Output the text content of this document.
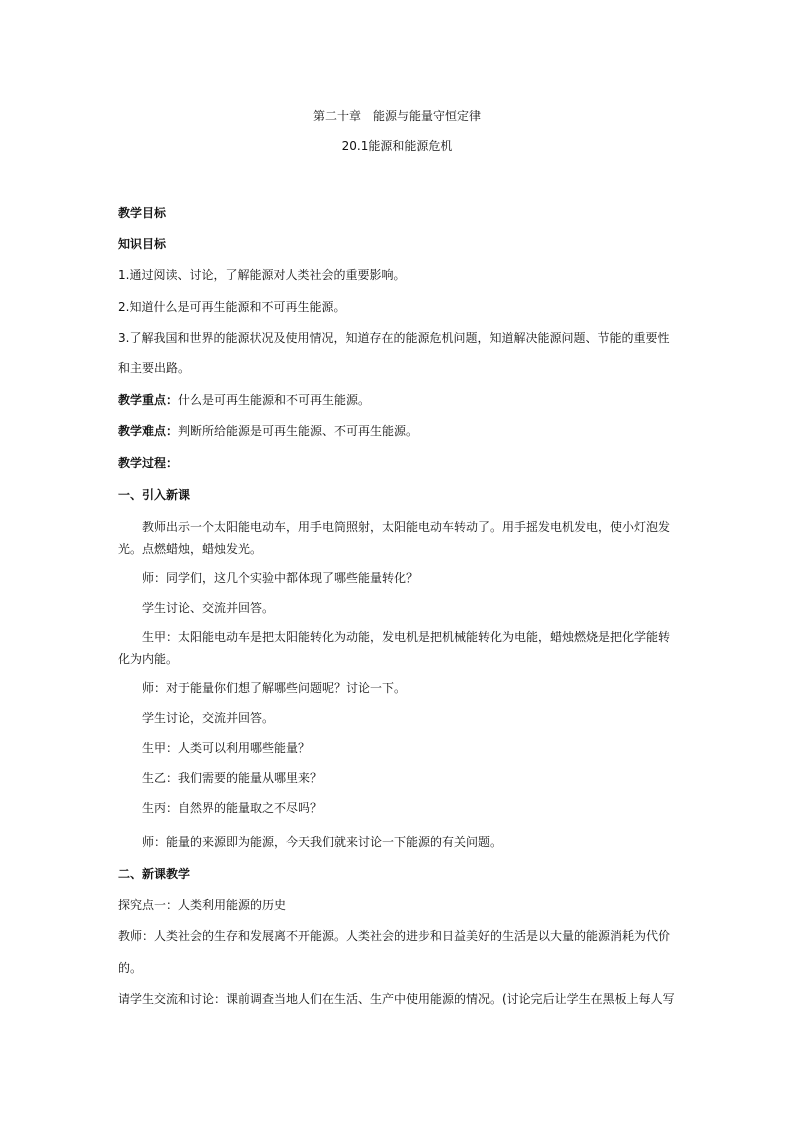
第二十章　能源与能量守恒定律
20.1能源和能源危机
教学目标
知识目标
1.通过阅读、讨论，了解能源对人类社会的重要影响。
2.知道什么是可再生能源和不可再生能源。
3.了解我国和世界的能源状况及使用情况，知道存在的能源危机问题，知道解决能源问题、节能的重要性
和主要出路。
教学重点：什么是可再生能源和不可再生能源。
教学难点：判断所给能源是可再生能源、不可再生能源。
教学过程：
一、引入新课
教师出示一个太阳能电动车，用手电筒照射，太阳能电动车转动了。用手摇发电机发电，使小灯泡发
光。点燃蜡烛，蜡烛发光。
师：同学们，这几个实验中都体现了哪些能量转化？
学生讨论、交流并回答。
生甲：太阳能电动车是把太阳能转化为动能，发电机是把机械能转化为电能，蜡烛燃烧是把化学能转
化为内能。
师：对于能量你们想了解哪些问题呢？讨论一下。
学生讨论，交流并回答。
生甲：人类可以利用哪些能量？
生乙：我们需要的能量从哪里来？
生丙：自然界的能量取之不尽吗？
师：能量的来源即为能源，今天我们就来讨论一下能源的有关问题。
二、新课教学
探究点一：人类利用能源的历史
教师：人类社会的生存和发展离不开能源。人类社会的进步和日益美好的生活是以大量的能源消耗为代价
的。
请学生交流和讨论：课前调查当地人们在生活、生产中使用能源的情况。(讨论完后让学生在黑板上每人写
